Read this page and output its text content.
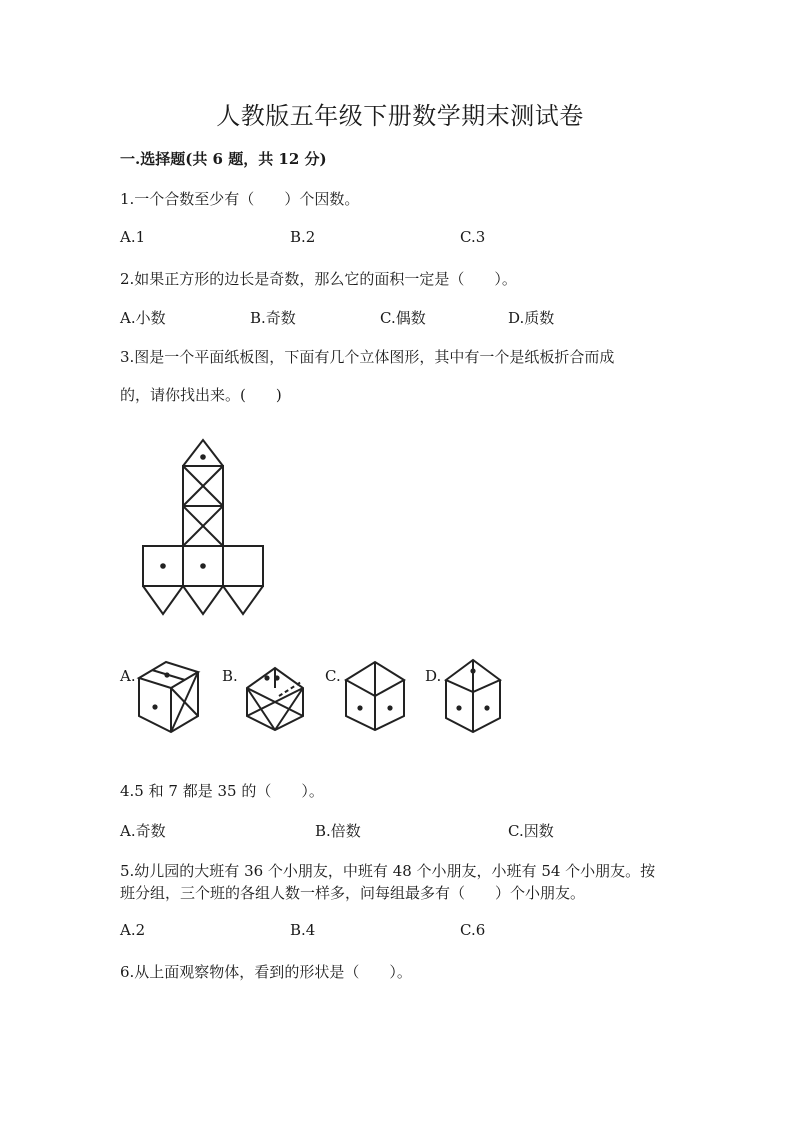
人教版五年级下册数学期末测试卷
一.选择题(共 6 题，共 12 分)
1.一个合数至少有（　　）个因数。
A.1	B.2	C.3
2.如果正方形的边长是奇数，那么它的面积一定是（　　）。
A.小数	B.奇数	C.偶数	D.质数
3.图是一个平面纸板图，下面有几个立体图形，其中有一个是纸板折合而成
的，请你找出来。(　　)
A.	B.	C.	D.
4.5 和 7 都是 35 的（　　）。
A.奇数	B.倍数	C.因数
5.幼儿园的大班有 36 个小朋友，中班有 48 个小朋友，小班有 54 个小朋友。按
班分组，三个班的各组人数一样多，问每组最多有（　　）个小朋友。
A.2	B.4	C.6
6.从上面观察物体，看到的形状是（　　）。
